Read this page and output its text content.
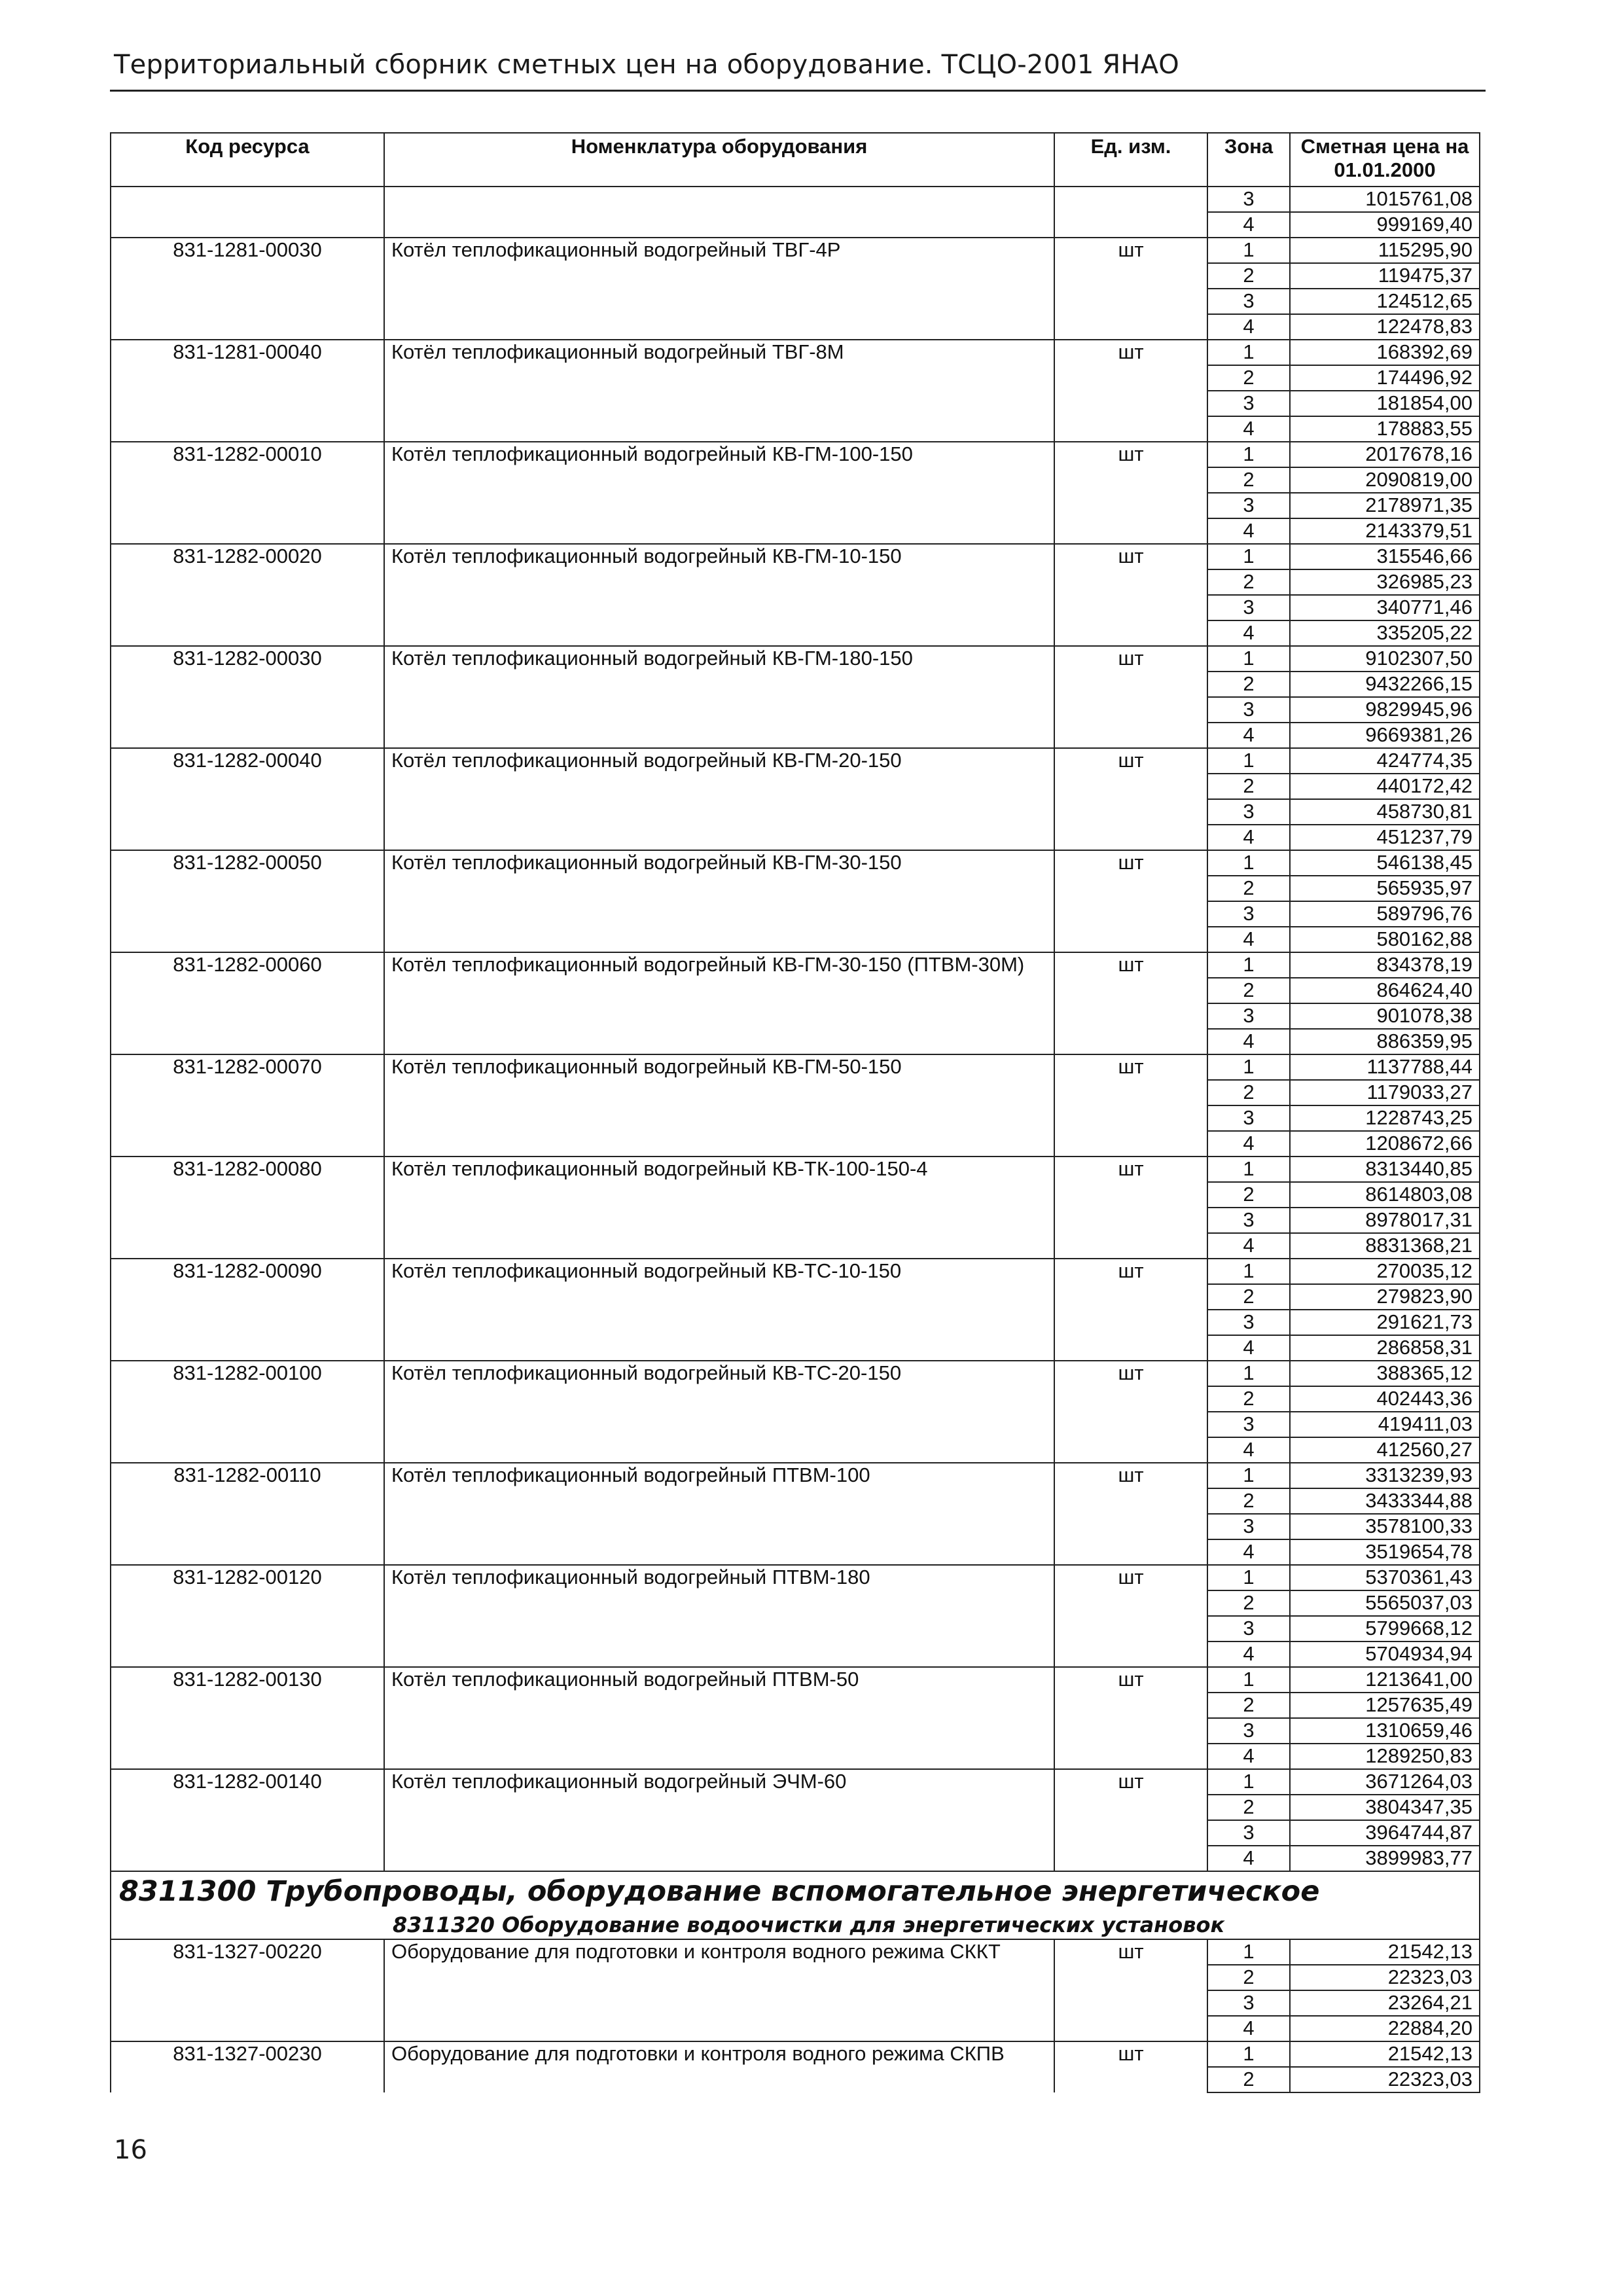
Территориальный сборник сметных цен на оборудование. ТСЦО-2001 ЯНАО
Код ресурса	Номенклатура оборудования	Ед. изм.	Зона	Сметная цена на 01.01.2000
			3	1015761,08
			4	999169,40
831-1281-00030	Котёл теплофикационный водогрейный ТВГ-4Р	шт	1	115295,90
			2	119475,37
			3	124512,65
			4	122478,83
831-1281-00040	Котёл теплофикационный водогрейный ТВГ-8М	шт	1	168392,69
			2	174496,92
			3	181854,00
			4	178883,55
831-1282-00010	Котёл теплофикационный водогрейный КВ-ГМ-100-150	шт	1	2017678,16
			2	2090819,00
			3	2178971,35
			4	2143379,51
831-1282-00020	Котёл теплофикационный водогрейный КВ-ГМ-10-150	шт	1	315546,66
			2	326985,23
			3	340771,46
			4	335205,22
831-1282-00030	Котёл теплофикационный водогрейный КВ-ГМ-180-150	шт	1	9102307,50
			2	9432266,15
			3	9829945,96
			4	9669381,26
831-1282-00040	Котёл теплофикационный водогрейный КВ-ГМ-20-150	шт	1	424774,35
			2	440172,42
			3	458730,81
			4	451237,79
831-1282-00050	Котёл теплофикационный водогрейный КВ-ГМ-30-150	шт	1	546138,45
			2	565935,97
			3	589796,76
			4	580162,88
831-1282-00060	Котёл теплофикационный водогрейный КВ-ГМ-30-150 (ПТВМ-30М)	шт	1	834378,19
			2	864624,40
			3	901078,38
			4	886359,95
831-1282-00070	Котёл теплофикационный водогрейный КВ-ГМ-50-150	шт	1	1137788,44
			2	1179033,27
			3	1228743,25
			4	1208672,66
831-1282-00080	Котёл теплофикационный водогрейный КВ-ТК-100-150-4	шт	1	8313440,85
			2	8614803,08
			3	8978017,31
			4	8831368,21
831-1282-00090	Котёл теплофикационный водогрейный КВ-ТС-10-150	шт	1	270035,12
			2	279823,90
			3	291621,73
			4	286858,31
831-1282-00100	Котёл теплофикационный водогрейный КВ-ТС-20-150	шт	1	388365,12
			2	402443,36
			3	419411,03
			4	412560,27
831-1282-00110	Котёл теплофикационный водогрейный ПТВМ-100	шт	1	3313239,93
			2	3433344,88
			3	3578100,33
			4	3519654,78
831-1282-00120	Котёл теплофикационный водогрейный ПТВМ-180	шт	1	5370361,43
			2	5565037,03
			3	5799668,12
			4	5704934,94
831-1282-00130	Котёл теплофикационный водогрейный ПТВМ-50	шт	1	1213641,00
			2	1257635,49
			3	1310659,46
			4	1289250,83
831-1282-00140	Котёл теплофикационный водогрейный ЭЧМ-60	шт	1	3671264,03
			2	3804347,35
			3	3964744,87
			4	3899983,77
8311300 Трубопроводы, оборудование вспомогательное энергетическое				
8311320 Оборудование водоочистки для энергетических установок				
831-1327-00220	Оборудование для подготовки и контроля водного режима СККТ	шт	1	21542,13
			2	22323,03
			3	23264,21
			4	22884,20
831-1327-00230	Оборудование для подготовки и контроля водного режима СКПВ	шт	1	21542,13
			2	22323,03
16
